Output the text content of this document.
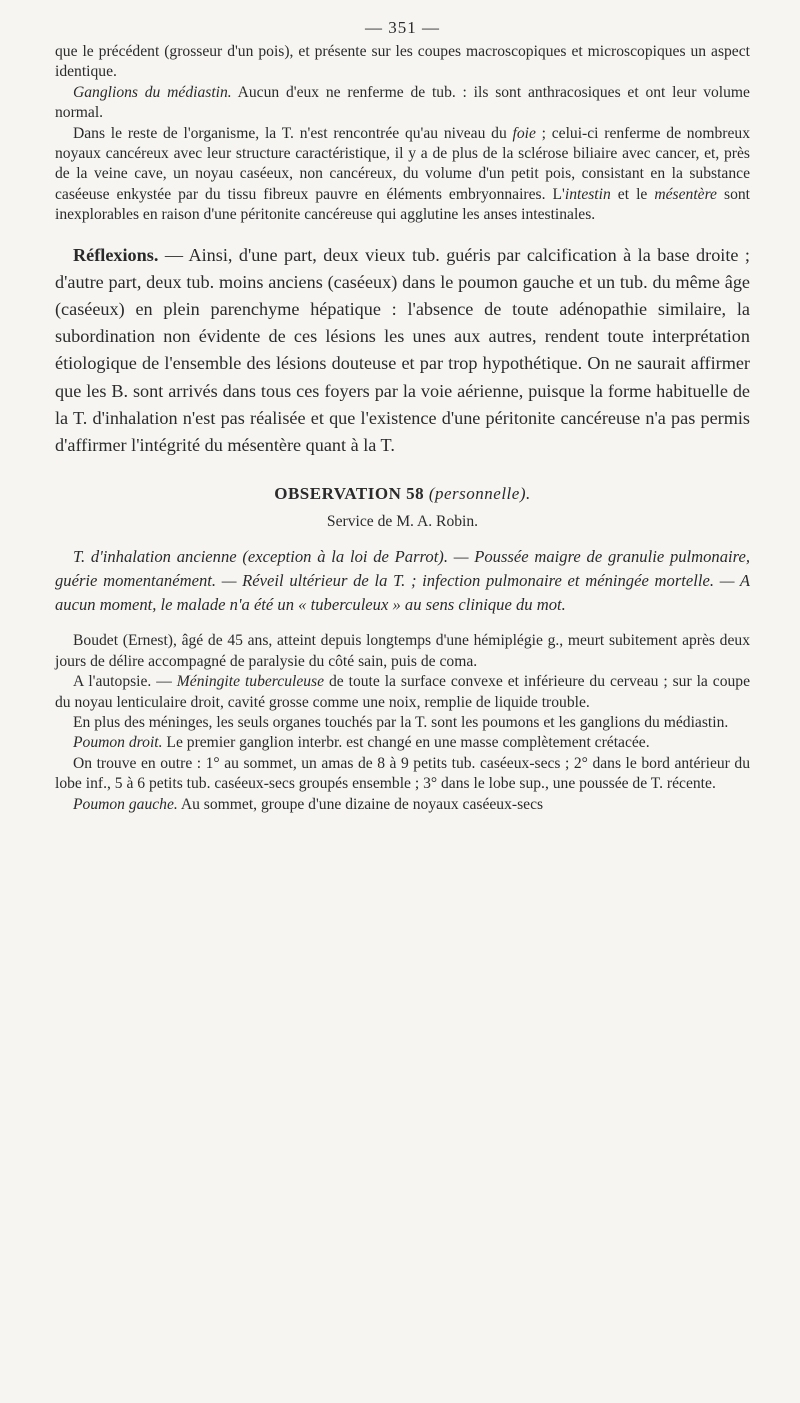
— 351 —

que le précédent (grosseur d'un pois), et présente sur les coupes macroscopiques et microscopiques un aspect identique.

Ganglions du médiastin. Aucun d'eux ne renferme de tub. : ils sont anthracosiques et ont leur volume normal.

Dans le reste de l'organisme, la T. n'est rencontrée qu'au niveau du foie ; celui-ci renferme de nombreux noyaux cancéreux avec leur structure caractéristique, il y a de plus de la sclérose biliaire avec cancer, et, près de la veine cave, un noyau caséeux, non cancéreux, du volume d'un petit pois, consistant en la substance caséeuse enkystée par du tissu fibreux pauvre en éléments embryonnaires. L'intestin et le mésentère sont inexplorables en raison d'une péritonite cancéreuse qui agglutine les anses intestinales.

Réflexions. — Ainsi, d'une part, deux vieux tub. guéris par calcification à la base droite ; d'autre part, deux tub. moins anciens (caséeux) dans le poumon gauche et un tub. du même âge (caséeux) en plein parenchyme hépatique : l'absence de toute adénopathie similaire, la subordination non évidente de ces lésions les unes aux autres, rendent toute interprétation étiologique de l'ensemble des lésions douteuse et par trop hypothétique. On ne saurait affirmer que les B. sont arrivés dans tous ces foyers par la voie aérienne, puisque la forme habituelle de la T. d'inhalation n'est pas réalisée et que l'existence d'une péritonite cancéreuse n'a pas permis d'affirmer l'intégrité du mésentère quant à la T.

OBSERVATION 58 (personnelle).
Service de M. A. Robin.

T. d'inhalation ancienne (exception à la loi de Parrot). — Poussée maigre de granulie pulmonaire, guérie momentanément. — Réveil ultérieur de la T. ; infection pulmonaire et méningée mortelle. — A aucun moment, le malade n'a été un « tuberculeux » au sens clinique du mot.

Boudet (Ernest), âgé de 45 ans, atteint depuis longtemps d'une hémiplégie g., meurt subitement après deux jours de délire accompagné de paralysie du côté sain, puis de coma.

A l'autopsie. — Méningite tuberculeuse de toute la surface convexe et inférieure du cerveau ; sur la coupe du noyau lenticulaire droit, cavité grosse comme une noix, remplie de liquide trouble.

En plus des méninges, les seuls organes touchés par la T. sont les poumons et les ganglions du médiastin.

Poumon droit. Le premier ganglion interbr. est changé en une masse complètement crétacée.

On trouve en outre : 1° au sommet, un amas de 8 à 9 petits tub. caséeux-secs ; 2° dans le bord antérieur du lobe inf., 5 à 6 petits tub. caséeux-secs groupés ensemble ; 3° dans le lobe sup., une poussée de T. récente.

Poumon gauche. Au sommet, groupe d'une dizaine de noyaux caséeux-secs
